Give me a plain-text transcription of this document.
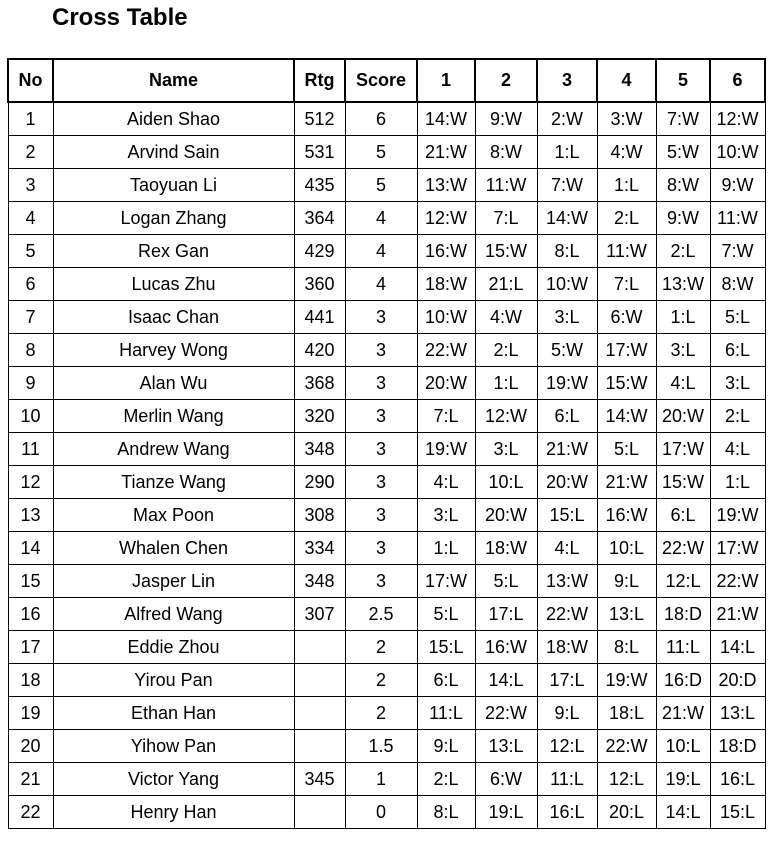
Cross Table
No	Name	Rtg	Score	1	2	3	4	5	6
1	Aiden Shao	512	6	14:W	9:W	2:W	3:W	7:W	12:W
2	Arvind Sain	531	5	21:W	8:W	1:L	4:W	5:W	10:W
3	Taoyuan Li	435	5	13:W	11:W	7:W	1:L	8:W	9:W
4	Logan Zhang	364	4	12:W	7:L	14:W	2:L	9:W	11:W
5	Rex Gan	429	4	16:W	15:W	8:L	11:W	2:L	7:W
6	Lucas Zhu	360	4	18:W	21:L	10:W	7:L	13:W	8:W
7	Isaac Chan	441	3	10:W	4:W	3:L	6:W	1:L	5:L
8	Harvey Wong	420	3	22:W	2:L	5:W	17:W	3:L	6:L
9	Alan Wu	368	3	20:W	1:L	19:W	15:W	4:L	3:L
10	Merlin Wang	320	3	7:L	12:W	6:L	14:W	20:W	2:L
11	Andrew Wang	348	3	19:W	3:L	21:W	5:L	17:W	4:L
12	Tianze Wang	290	3	4:L	10:L	20:W	21:W	15:W	1:L
13	Max Poon	308	3	3:L	20:W	15:L	16:W	6:L	19:W
14	Whalen Chen	334	3	1:L	18:W	4:L	10:L	22:W	17:W
15	Jasper Lin	348	3	17:W	5:L	13:W	9:L	12:L	22:W
16	Alfred Wang	307	2.5	5:L	17:L	22:W	13:L	18:D	21:W
17	Eddie Zhou		2	15:L	16:W	18:W	8:L	11:L	14:L
18	Yirou Pan		2	6:L	14:L	17:L	19:W	16:D	20:D
19	Ethan Han		2	11:L	22:W	9:L	18:L	21:W	13:L
20	Yihow Pan		1.5	9:L	13:L	12:L	22:W	10:L	18:D
21	Victor Yang	345	1	2:L	6:W	11:L	12:L	19:L	16:L
22	Henry Han		0	8:L	19:L	16:L	20:L	14:L	15:L
